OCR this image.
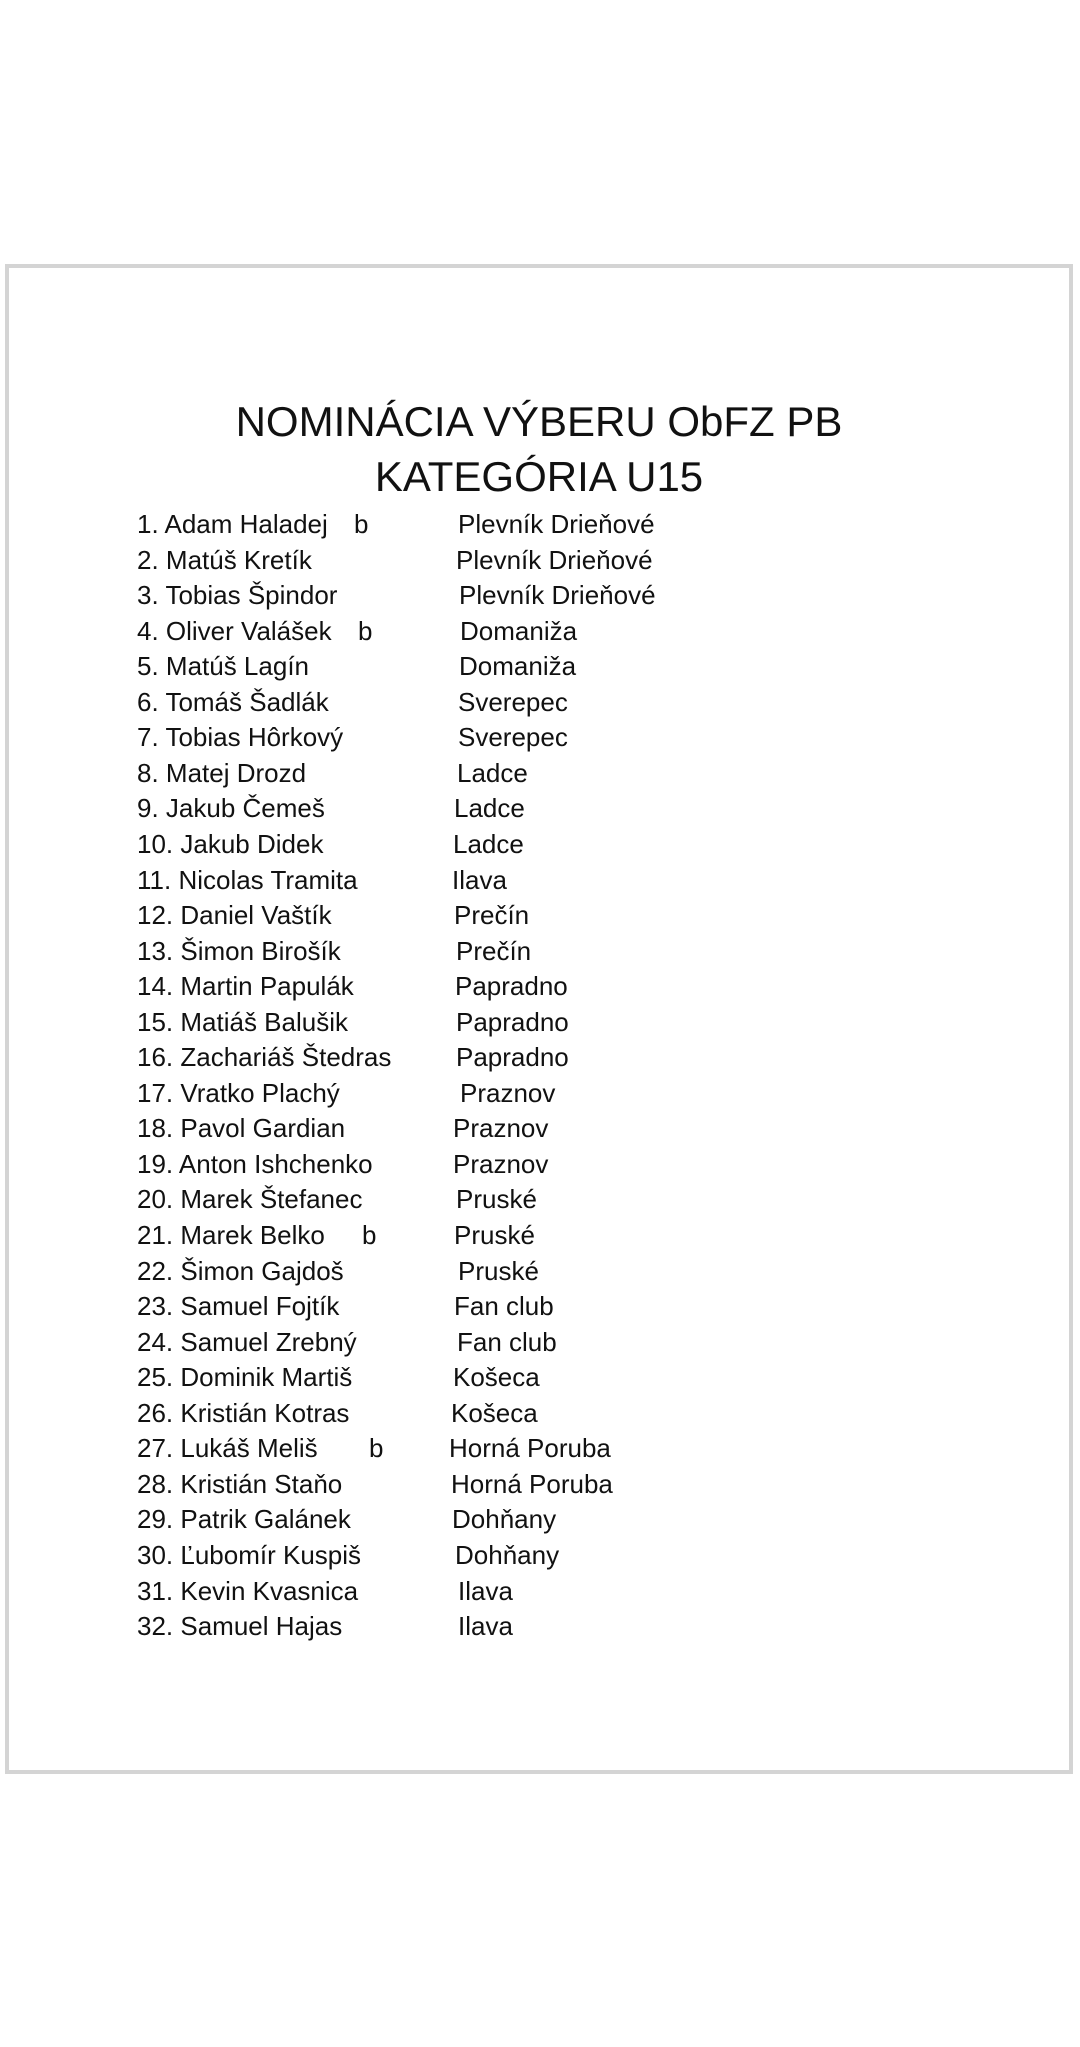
NOMINÁCIA VÝBERU ObFZ PB
KATEGÓRIA U15
1. Adam Haladej b	Plevník Drieňové
2. Matúš Kretík	Plevník Drieňové
3. Tobias Špindor	Plevník Drieňové
4. Oliver Valášek b	Domaniža
5. Matúš Lagín	Domaniža
6. Tomáš Šadlák	Sverepec
7. Tobias Hôrkový	Sverepec
8. Matej Drozd	Ladce
9. Jakub Čemeš	Ladce
10. Jakub Didek	Ladce
11. Nicolas Tramita	Ilava
12. Daniel Vaštík	Prečín
13. Šimon Birošík	Prečín
14. Martin Papulák	Papradno
15. Matiáš Balušik	Papradno
16. Zachariáš Štedras Papradno
17. Vratko Plachý	Praznov
18. Pavol Gardian	Praznov
19. Anton Ishchenko	Praznov
20. Marek Štefanec	Pruské
21. Marek Belko b	Pruské
22. Šimon Gajdoš	Pruské
23. Samuel Fojtík	Fan club
24. Samuel Zrebný	Fan club
25. Dominik Martiš	Košeca
26. Kristián Kotras	Košeca
27. Lukáš Meliš b	Horná Poruba
28. Kristián Staňo	Horná Poruba
29. Patrik Galánek	Dohňany
30. Ľubomír Kuspiš	Dohňany
31. Kevin Kvasnica	Ilava
32. Samuel Hajas	Ilava
